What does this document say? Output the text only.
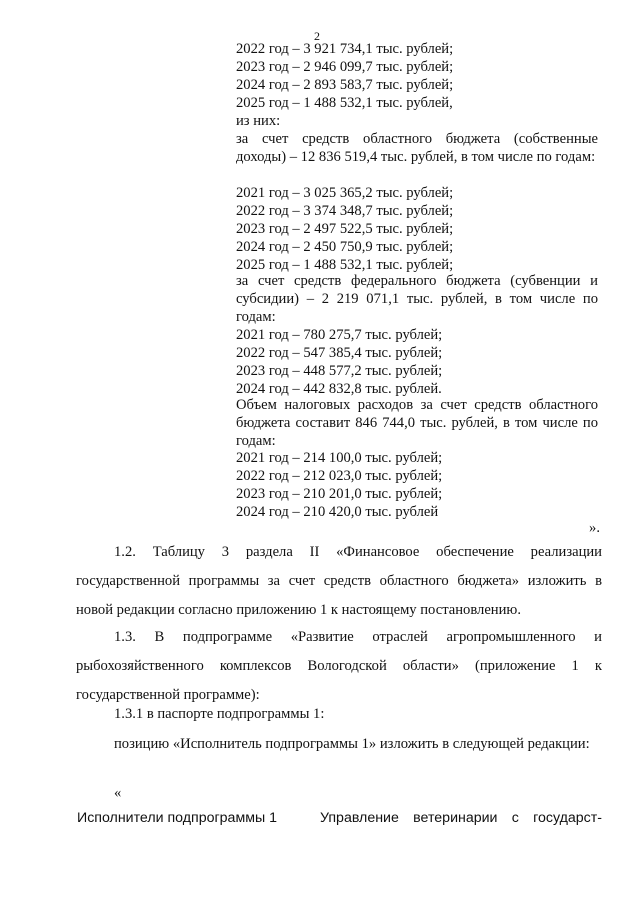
2
2022 год – 3 921 734,1 тыс. рублей;
2023 год – 2 946 099,7 тыс. рублей;
2024 год – 2 893 583,7 тыс. рублей;
2025 год – 1 488 532,1 тыс. рублей,
из них:
за счет средств областного бюджета (собственные доходы) – 12 836 519,4 тыс. рублей, в том числе по годам:
2021 год – 3 025 365,2 тыс. рублей;
2022 год – 3 374 348,7 тыс. рублей;
2023 год – 2 497 522,5 тыс. рублей;
2024 год – 2 450 750,9 тыс. рублей;
2025 год – 1 488 532,1 тыс. рублей;
за счет средств федерального бюджета (субвенции и субсидии) – 2 219 071,1 тыс. рублей, в том числе по годам:
2021 год – 780 275,7 тыс. рублей;
2022 год – 547 385,4 тыс. рублей;
2023 год – 448 577,2 тыс. рублей;
2024 год – 442 832,8 тыс. рублей.
Объем налоговых расходов за счет средств областного бюджета составит 846 744,0 тыс. рублей, в том числе по годам:
2021 год – 214 100,0 тыс. рублей;
2022 год – 212 023,0 тыс. рублей;
2023 год – 210 201,0 тыс. рублей;
2024 год – 210 420,0 тыс. рублей
».

1.2. Таблицу 3 раздела II «Финансовое обеспечение реализации государственной программы за счет средств областного бюджета» изложить в новой редакции согласно приложению 1 к настоящему постановлению.

1.3. В подпрограмме «Развитие отраслей агропромышленного и рыбохозяйственного комплексов Вологодской области» (приложение 1 к государственной программе):

1.3.1 в паспорте подпрограммы 1:

позицию «Исполнитель подпрограммы 1» изложить в следующей редакции:

«
Исполнители подпрограммы 1	Управление ветеринарии с государст-
